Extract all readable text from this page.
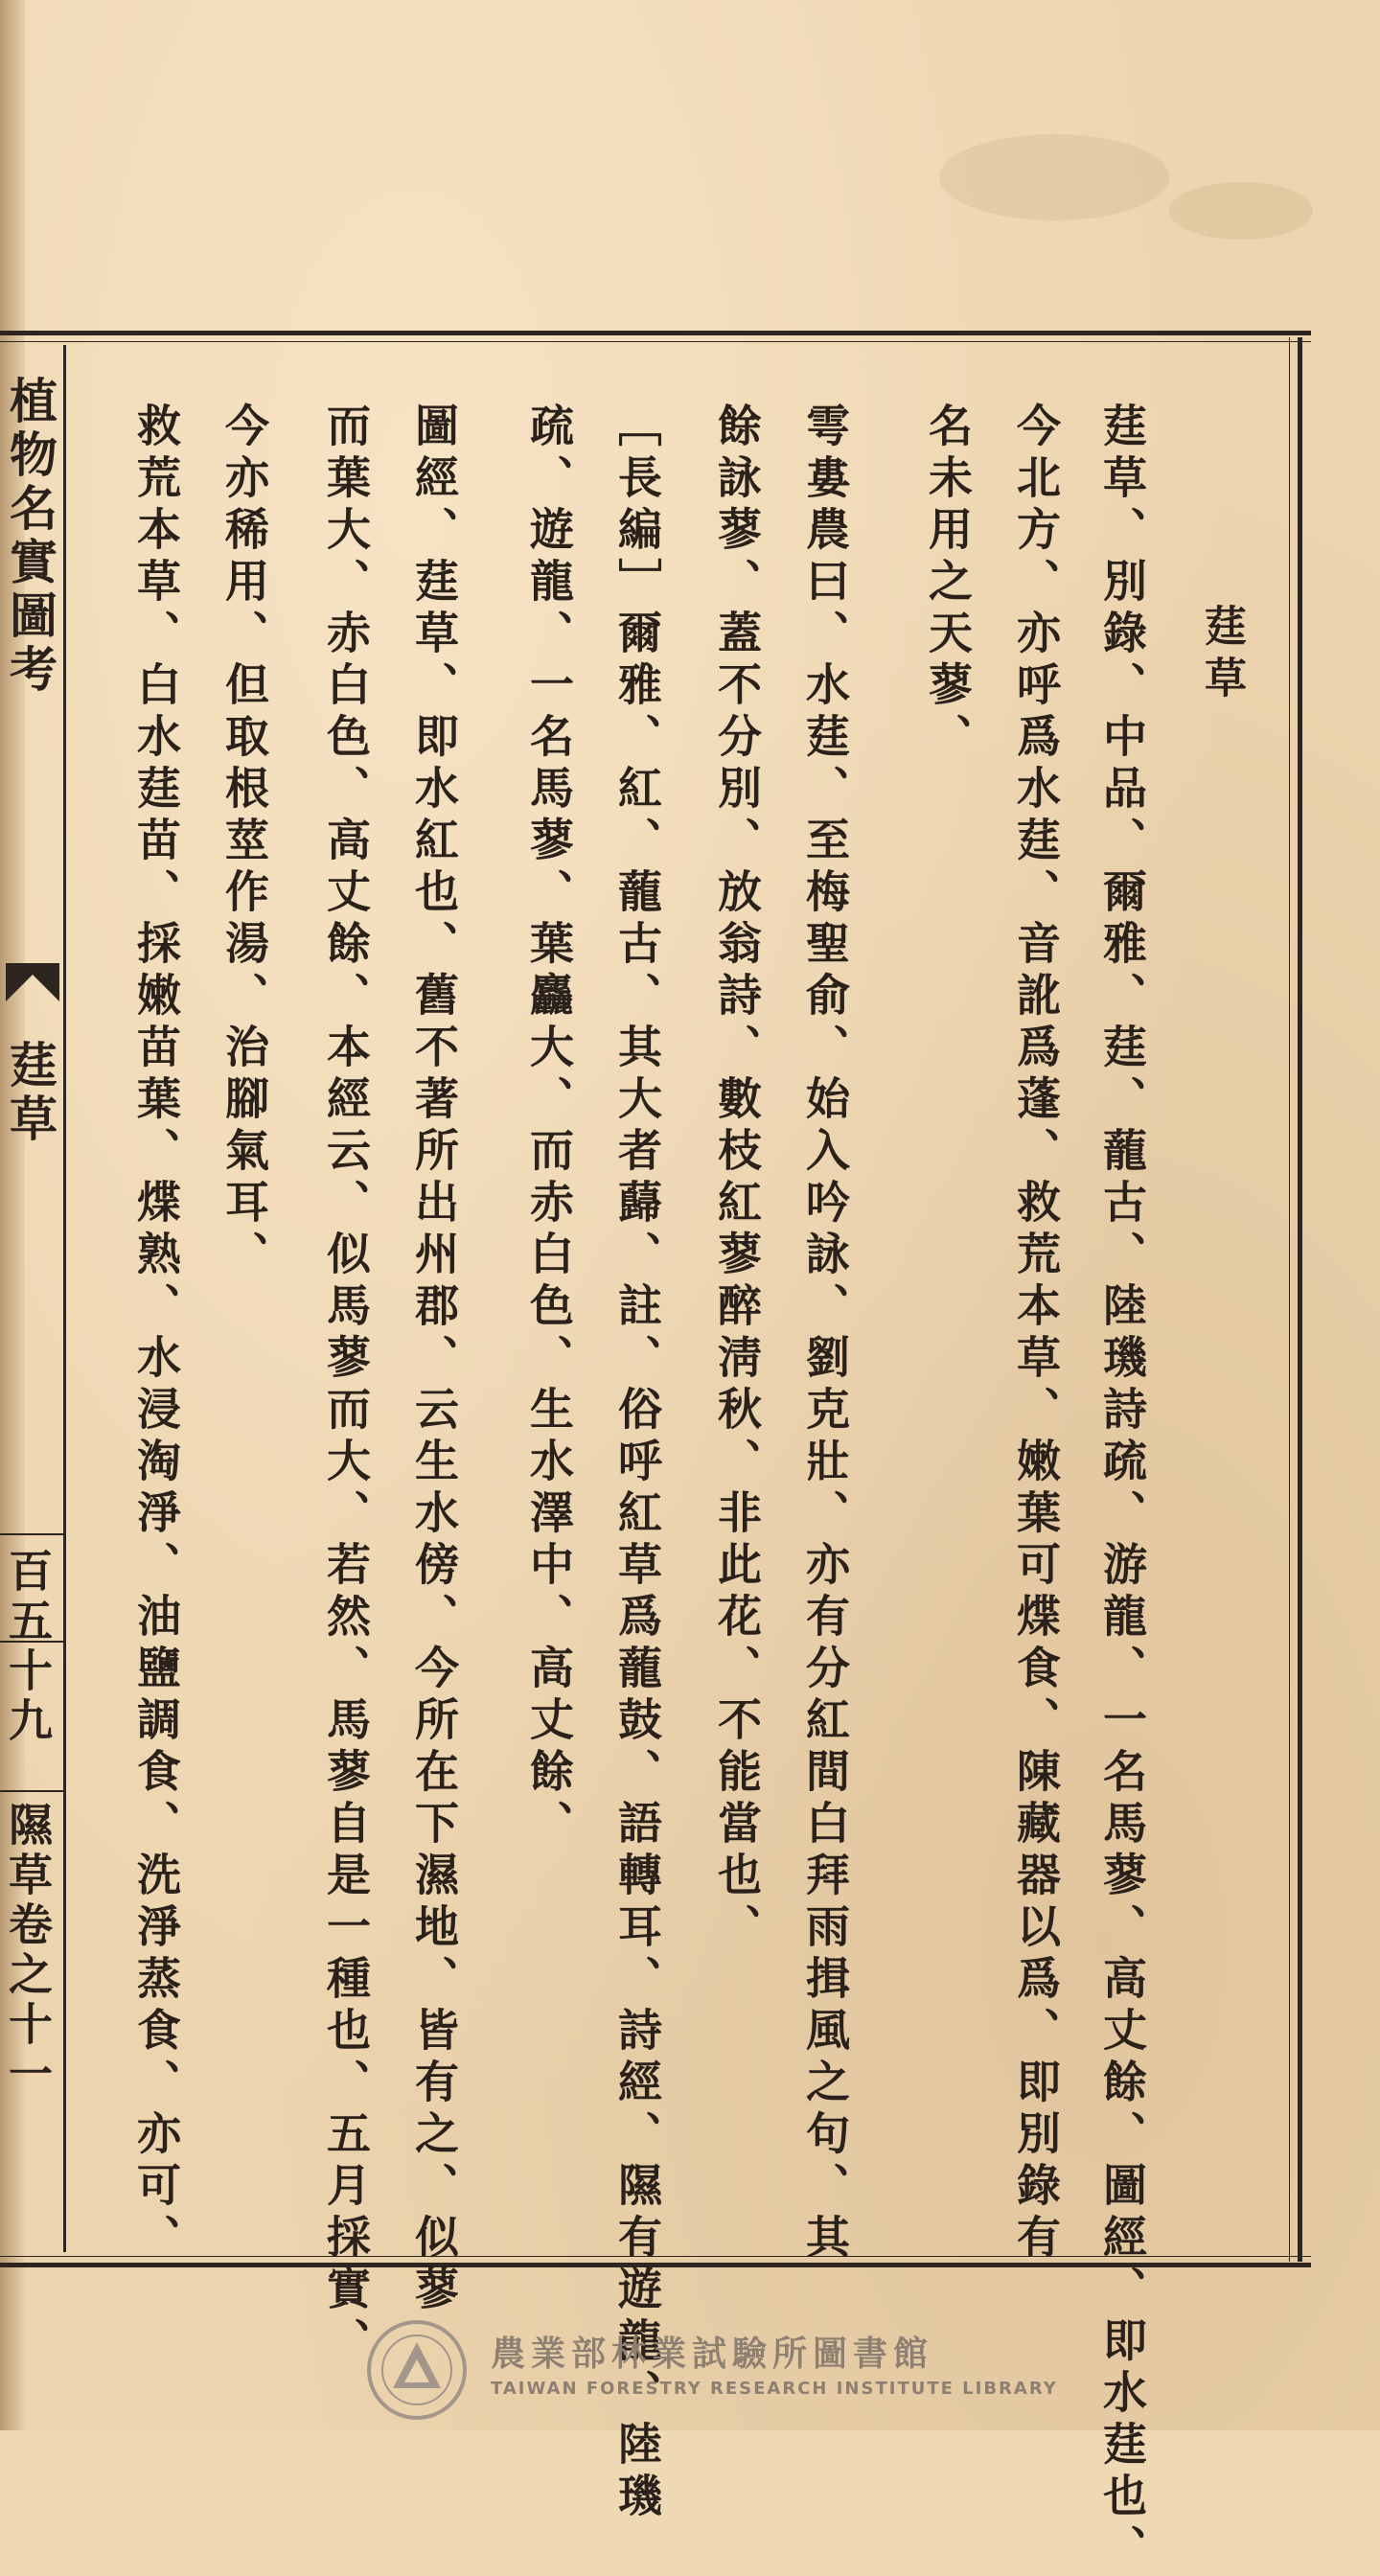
植物名實圖考
莛草
百五十九
隰草卷之十一
莛草
莛草、別錄、中品、爾雅、莛、蘢古、陸璣詩疏、游龍、一名馬蓼、高丈餘、圖經、即水莛也、
今北方、亦呼爲水莛、音訛爲蓬、救荒本草、嫩葉可煠食、陳藏器以爲、即別錄有
名未用之天蓼、
雩婁農曰、水莛、至梅聖俞、始入吟詠、劉克壯、亦有分紅間白拜雨揖風之句、其
餘詠蓼、蓋不分別、放翁詩、數枝紅蓼醉淸秋、非此花、不能當也、
［長編］爾雅、紅、蘢古、其大者蘬、註、俗呼紅草爲蘢鼓、語轉耳、詩經、隰有遊龍、陸璣
疏、遊龍、一名馬蓼、葉麤大、而赤白色、生水澤中、高丈餘、
圖經、莛草、即水紅也、舊不著所出州郡、云生水傍、今所在下濕地、皆有之、似蓼
而葉大、赤白色、高丈餘、本經云、似馬蓼而大、若然、馬蓼自是一種也、五月採實、
今亦稀用、但取根莖作湯、治腳氣耳、
救荒本草、白水莛苗、採嫩苗葉、煠熟、水浸淘淨、油鹽調食、洗淨蒸食、亦可、
農業部林業試驗所圖書館
TAIWAN FORESTRY RESEARCH INSTITUTE LIBRARY
